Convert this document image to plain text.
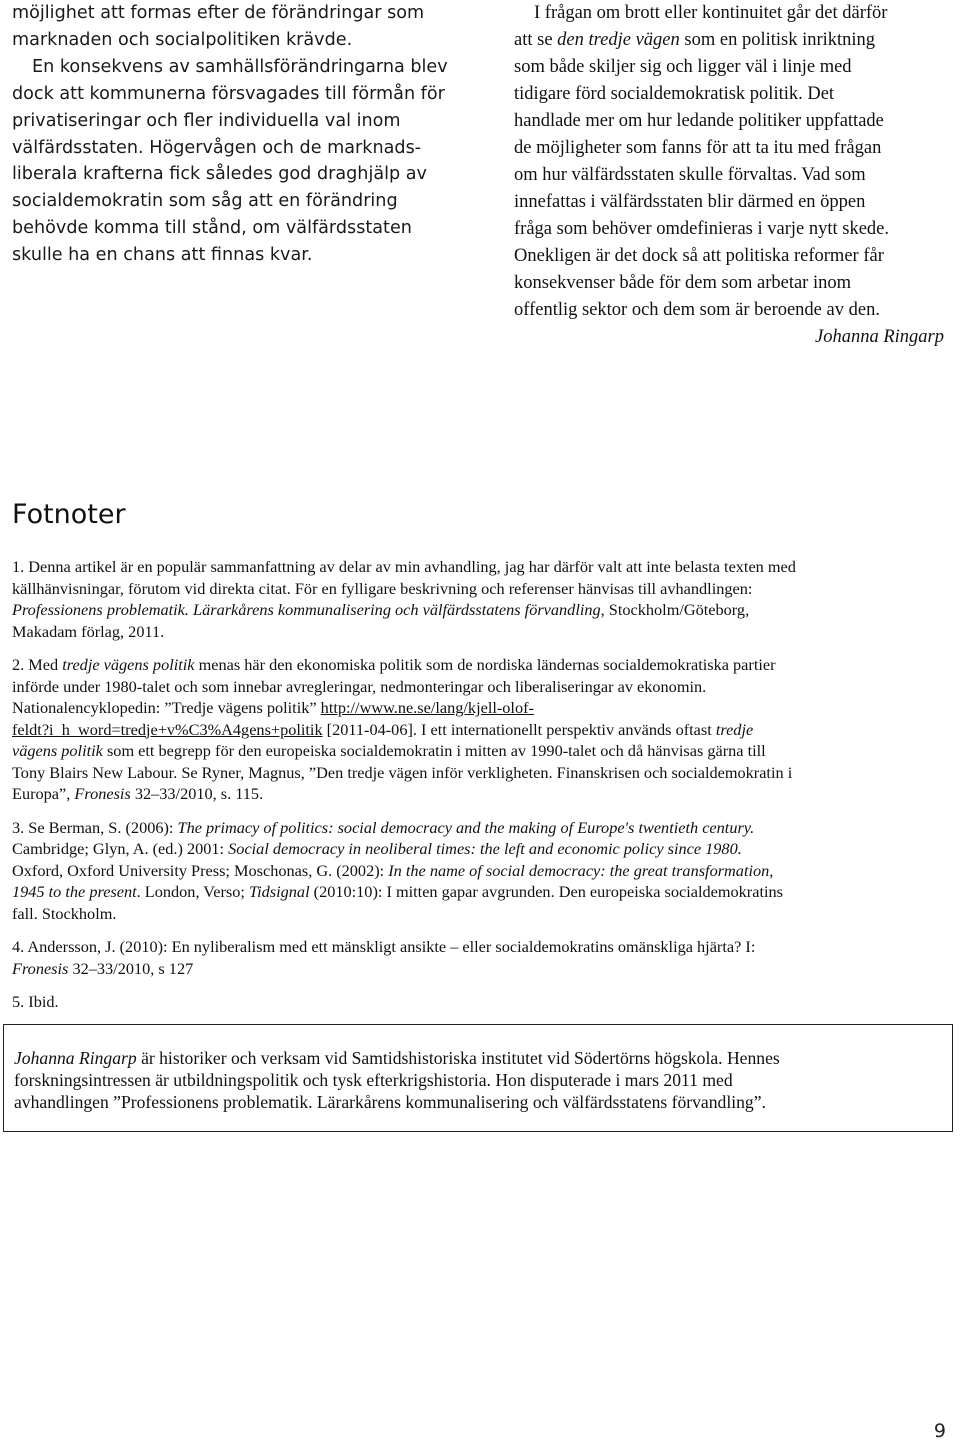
möjlighet att formas efter de förändringar som
marknaden och socialpolitiken krävde.
En konsekvens av samhällsförändringarna blev
dock att kommunerna försvagades till förmån för
privatiseringar och fler individuella val inom
välfärdsstaten. Högervågen och de marknads-
liberala krafterna fick således god draghjälp av
socialdemokratin som såg att en förändring
behövde komma till stånd, om välfärdsstaten
skulle ha en chans att finnas kvar.
I frågan om brott eller kontinuitet går det därför
att se den tredje vägen som en politisk inriktning
som både skiljer sig och ligger väl i linje med
tidigare förd socialdemokratisk politik. Det
handlade mer om hur ledande politiker uppfattade
de möjligheter som fanns för att ta itu med frågan
om hur välfärdsstaten skulle förvaltas. Vad som
innefattas i välfärdsstaten blir därmed en öppen
fråga som behöver omdefinieras i varje nytt skede.
Onekligen är det dock så att politiska reformer får
konsekvenser både för dem som arbetar inom
offentlig sektor och dem som är beroende av den.
Johanna Ringarp
Fotnoter
1. Denna artikel är en populär sammanfattning av delar av min avhandling, jag har därför valt att inte belasta texten med
källhänvisningar, förutom vid direkta citat. För en fylligare beskrivning och referenser hänvisas till avhandlingen:
Professionens problematik. Lärarkårens kommunalisering och välfärdsstatens förvandling, Stockholm/Göteborg,
Makadam förlag, 2011.
2. Med tredje vägens politik menas här den ekonomiska politik som de nordiska ländernas socialdemokratiska partier
införde under 1980-talet och som innebar avregleringar, nedmonteringar och liberaliseringar av ekonomin.
Nationalencyklopedin: ”Tredje vägens politik” http://www.ne.se/lang/kjell-olof-
feldt?i_h_word=tredje+v%C3%A4gens+politik [2011-04-06]. I ett internationellt perspektiv används oftast tredje
vägens politik som ett begrepp för den europeiska socialdemokratin i mitten av 1990-talet och då hänvisas gärna till
Tony Blairs New Labour. Se Ryner, Magnus, ”Den tredje vägen inför verkligheten. Finanskrisen och socialdemokratin i
Europa”, Fronesis 32–33/2010, s. 115.
3. Se Berman, S. (2006): The primacy of politics: social democracy and the making of Europe's twentieth century.
Cambridge; Glyn, A. (ed.) 2001: Social democracy in neoliberal times: the left and economic policy since 1980.
Oxford, Oxford University Press; Moschonas, G. (2002): In the name of social democracy: the great transformation,
1945 to the present. London, Verso; Tidsignal (2010:10): I mitten gapar avgrunden. Den europeiska socialdemokratins
fall. Stockholm.
4. Andersson, J. (2010): En nyliberalism med ett mänskligt ansikte – eller socialdemokratins omänskliga hjärta? I:
Fronesis 32–33/2010, s 127
5. Ibid.
Johanna Ringarp är historiker och verksam vid Samtidshistoriska institutet vid Södertörns högskola. Hennes
forskningsintressen är utbildningspolitik och tysk efterkrigshistoria. Hon disputerade i mars 2011 med
avhandlingen ”Professionens problematik. Lärarkårens kommunalisering och välfärdsstatens förvandling”.
9
